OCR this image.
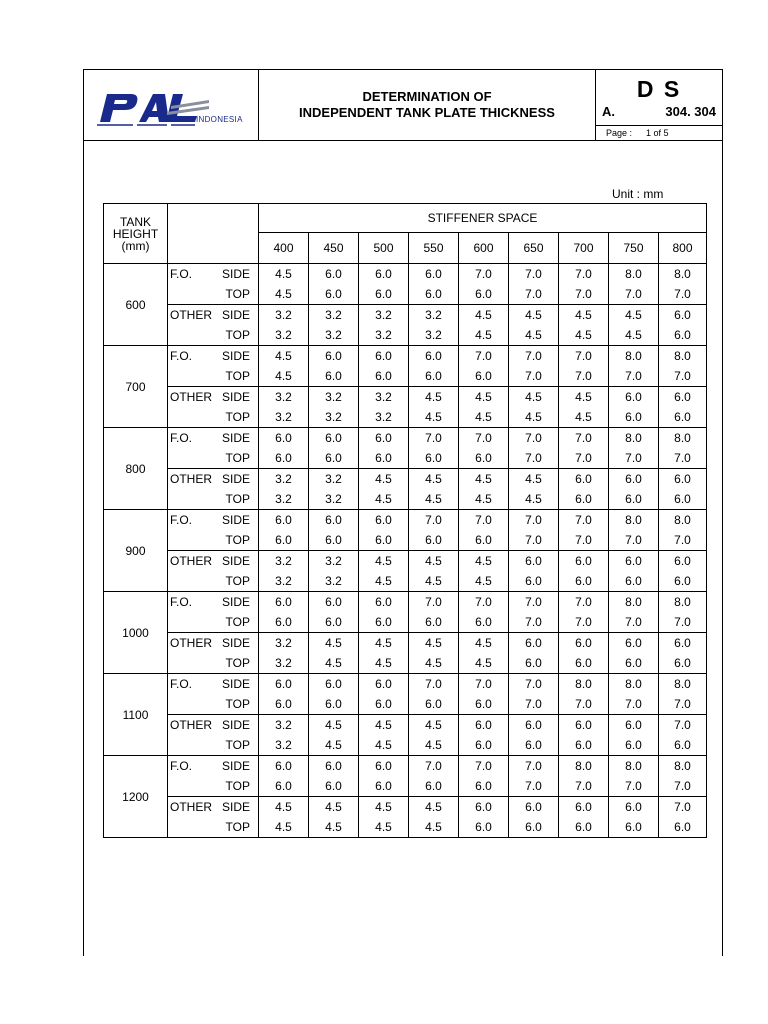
INDONESIA
DETERMINATION OF
INDEPENDENT TANK PLATE THICKNESS
D S
A.	304. 304
Page : 1 of 5
Unit : mm
TANK
HEIGHT
(mm)		STIFFENER SPACE								
		400	450	500	550	600	650	700	750	800
600	F.O. SIDE	4.5	6.0	6.0	6.0	7.0	7.0	7.0	8.0	8.0

	TOP	4.5	6.0	6.0	6.0	6.0	7.0	7.0	7.0	7.0

	OTHER SIDE	3.2	3.2	3.2	3.2	4.5	4.5	4.5	4.5	6.0

	TOP	3.2	3.2	3.2	3.2	4.5	4.5	4.5	4.5	6.0
700	F.O. SIDE	4.5	6.0	6.0	6.0	7.0	7.0	7.0	8.0	8.0

	TOP	4.5	6.0	6.0	6.0	6.0	7.0	7.0	7.0	7.0

	OTHER SIDE	3.2	3.2	3.2	4.5	4.5	4.5	4.5	6.0	6.0

	TOP	3.2	3.2	3.2	4.5	4.5	4.5	4.5	6.0	6.0
800	F.O. SIDE	6.0	6.0	6.0	7.0	7.0	7.0	7.0	8.0	8.0

	TOP	6.0	6.0	6.0	6.0	6.0	7.0	7.0	7.0	7.0

	OTHER SIDE	3.2	3.2	4.5	4.5	4.5	4.5	6.0	6.0	6.0

	TOP	3.2	3.2	4.5	4.5	4.5	4.5	6.0	6.0	6.0
900	F.O. SIDE	6.0	6.0	6.0	7.0	7.0	7.0	7.0	8.0	8.0

	TOP	6.0	6.0	6.0	6.0	6.0	7.0	7.0	7.0	7.0

	OTHER SIDE	3.2	3.2	4.5	4.5	4.5	6.0	6.0	6.0	6.0

	TOP	3.2	3.2	4.5	4.5	4.5	6.0	6.0	6.0	6.0
1000	F.O. SIDE	6.0	6.0	6.0	7.0	7.0	7.0	7.0	8.0	8.0

	TOP	6.0	6.0	6.0	6.0	6.0	7.0	7.0	7.0	7.0

	OTHER SIDE	3.2	4.5	4.5	4.5	4.5	6.0	6.0	6.0	6.0

	TOP	3.2	4.5	4.5	4.5	4.5	6.0	6.0	6.0	6.0
1100	F.O. SIDE	6.0	6.0	6.0	7.0	7.0	7.0	8.0	8.0	8.0

	TOP	6.0	6.0	6.0	6.0	6.0	7.0	7.0	7.0	7.0

	OTHER SIDE	3.2	4.5	4.5	4.5	6.0	6.0	6.0	6.0	7.0

	TOP	3.2	4.5	4.5	4.5	6.0	6.0	6.0	6.0	6.0
1200	F.O. SIDE	6.0	6.0	6.0	7.0	7.0	7.0	8.0	8.0	8.0

	TOP	6.0	6.0	6.0	6.0	6.0	7.0	7.0	7.0	7.0

	OTHER SIDE	4.5	4.5	4.5	4.5	6.0	6.0	6.0	6.0	7.0

	TOP	4.5	4.5	4.5	4.5	6.0	6.0	6.0	6.0	6.0
